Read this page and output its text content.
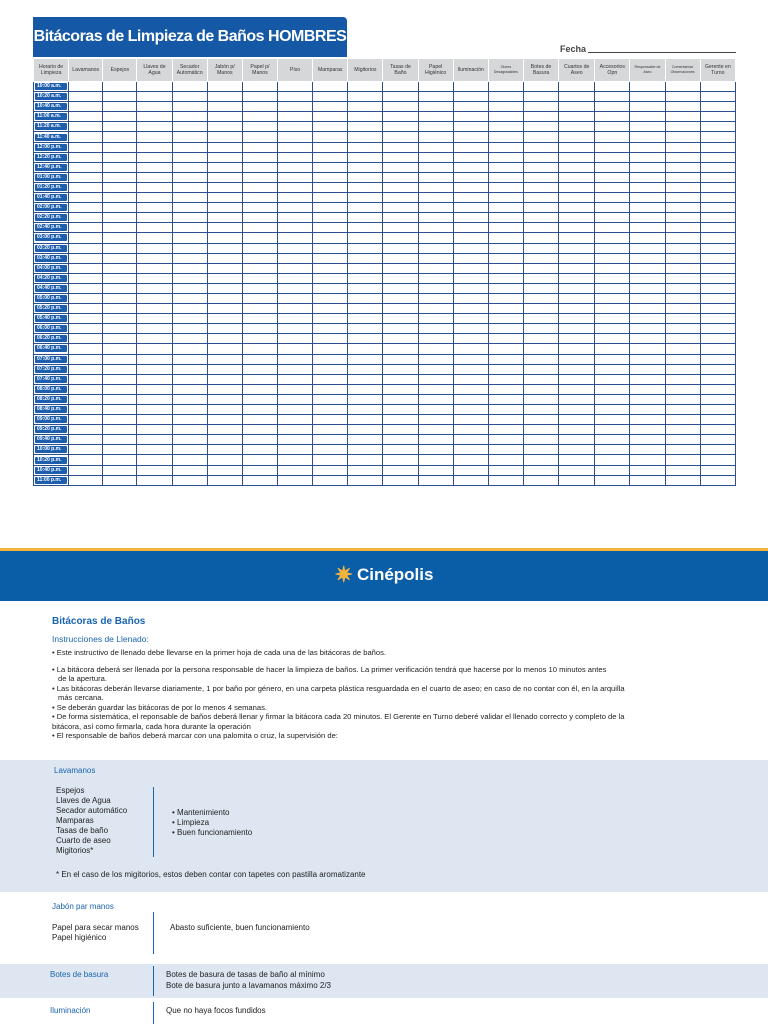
Bitácoras de Limpieza de Baños HOMBRES
Fecha
Horario de Limpieza	Lavamanos	Espejos	Llaves de Agua	Secador Automático	Jabón p/ Manos	Papel p/ Manos	Piso	Mamparas	Migitorios	Tasas de Baño	Papel Higiénico	Iluminación	Olores Desagradables	Botes de Basura	Cuartos de Aseo	Accesorios Opn	Responsable de Aseo	Comentarios/ Observaciones	Gerente en Turno

10:00 a.m.																			

10:20 a.m.																			

10:40 a.m.																			

11:00 a.m.																			

11:20 a.m.																			

11:40 a.m.																			

12:00 p.m.																			

12:20 p.m.																			

12:40 p.m.																			

01:00 p.m.																			

01:20 p.m.																			

01:40 p.m.																			

02:00 p.m.																			

02:20 p.m.																			

02:40 p.m.																			

03:00 p.m.																			

03:20 p.m.																			

03:40 p.m.																			

04:00 p.m.																			

04:20 p.m.																			

04:40 p.m.																			

05:00 p.m.																			

05:20 p.m.																			

05:40 p.m.																			

06:00 p.m.																			

06:20 p.m.																			

06:40 p.m.																			

07:00 p.m.																			

07:20 p.m.																			

07:40 p.m.																			

08:00 p.m.																			

08:20 p.m.																			

08:40 p.m.																			

09:00 p.m.																			

09:20 p.m.																			

09:40 p.m.																			

10:00 p.m.																			

10:20 p.m.																			

10:40 p.m.																			

11:00 p.m.																			

✷ Cinépolis
Bitácoras de Baños
Instrucciones de Llenado:

• Este instructivo de llenado debe llevarse en la primer hoja de cada una de las bitácoras de baños.

• La bitácora deberá ser llenada por la persona responsable de hacer la limpieza de baños. La primer verificación tendrá que hacerse por lo menos 10 minutos antes

de la apertura.

• Las bitácoras deberán llevarse diariamente, 1 por baño por género, en una carpeta plástica resguardada en el cuarto de aseo; en caso de no contar con él, en la arquilla

más cercana.

• Se deberán guardar las bitácoras de por lo menos 4 semanas.

• De forma sistemática, el reponsable de baños deberá llenar y firmar la bitácora cada 20 minutos. El Gerente en Turno deberé validar el llenado correcto y completo de la

bitácora, así como firmarla, cada hora durante la operación

• El responsable de baños deberá marcar con una palomita o cruz, la supervisión de:

Lavamanos
Espejos
Llaves de Agua
Secador automático
Mamparas
Tasas de baño
Cuarto de aseo
Migitorios*
• Mantenimiento
• Limpieza
• Buen funcionamiento
* En el caso de los migitorios, estos deben contar con tapetes con pastilla aromatizante
Jabón par manos
Papel para secar manos
Papel higiénico
Abasto suficiente, buen funcionamiento
Botes de basura	Botes de basura de tasas de baño al mínimo
Bote de basura junto a lavamanos máximo 2/3
Iluminación	Que no haya focos fundidos
